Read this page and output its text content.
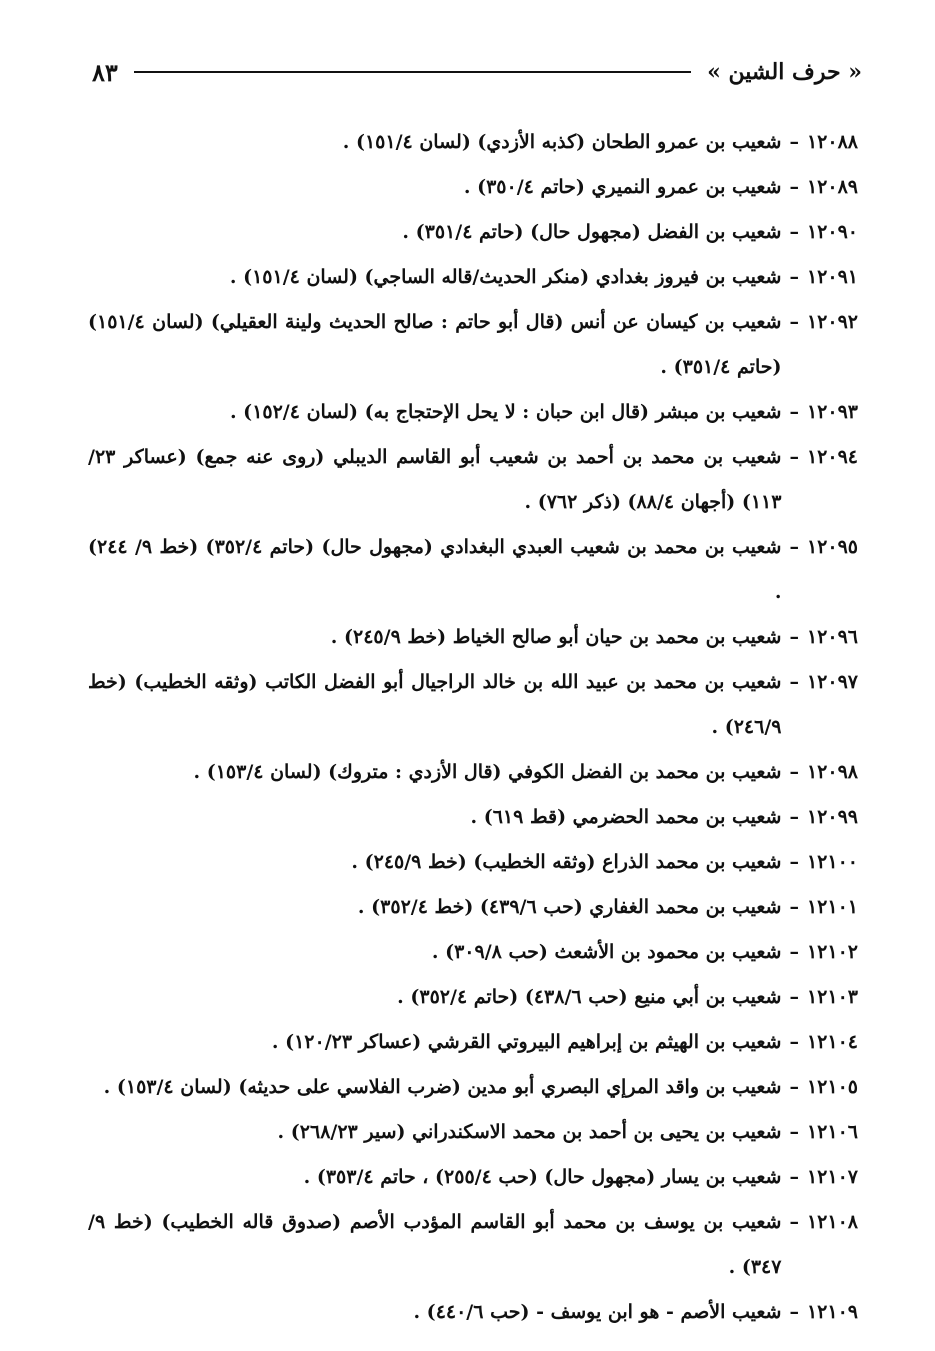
« حرف الشين »
٨٣
١٢٠٨٨
–
شعيب بن عمرو الطحان (كذبه الأزدي) (لسان ١٥١/٤) .
١٢٠٨٩
–
شعيب بن عمرو النميري (حاتم ٣٥٠/٤) .
١٢٠٩٠
–
شعيب بن الفضل (مجهول حال) (حاتم ٣٥١/٤) .
١٢٠٩١
–
شعيب بن فيروز بغدادي (منكر الحديث/قاله الساجي) (لسان ١٥١/٤) .
١٢٠٩٢
–
شعيب بن كيسان عن أنس (قال أبو حاتم : صالح الحديث ولينة العقيلي) (لسان ١٥١/٤) (حاتم ٣٥١/٤) .
١٢٠٩٣
–
شعيب بن مبشر (قال ابن حبان : لا يحل الإحتجاج به) (لسان ١٥٢/٤) .
١٢٠٩٤
–
شعيب بن محمد بن أحمد بن شعيب أبو القاسم الديبلي (روى عنه جمع) (عساكر ٢٣/ ١١٣) (أجهان ٨٨/٤) (ذكر ٧٦٢) .
١٢٠٩٥
–
شعيب بن محمد بن شعيب العبدي البغدادي (مجهول حال) (حاتم ٣٥٢/٤) (خط ٩/ ٢٤٤) .
١٢٠٩٦
–
شعيب بن محمد بن حيان أبو صالح الخياط (خط ٢٤٥/٩) .
١٢٠٩٧
–
شعيب بن محمد بن عبيد الله بن خالد الراجيال أبو الفضل الكاتب (وثقه الخطيب) (خط ٢٤٦/٩) .
١٢٠٩٨
–
شعيب بن محمد بن الفضل الكوفي (قال الأزدي : متروك) (لسان ١٥٣/٤) .
١٢٠٩٩
–
شعيب بن محمد الحضرمي (قط ٦١٩) .
١٢١٠٠
–
شعيب بن محمد الذراع (وثقه الخطيب) (خط ٢٤٥/٩) .
١٢١٠١
–
شعيب بن محمد الغفاري (حب ٤٣٩/٦) (خط ٣٥٢/٤) .
١٢١٠٢
–
شعيب بن محمود بن الأشعث (حب ٣٠٩/٨) .
١٢١٠٣
–
شعيب بن أبي منيع (حب ٤٣٨/٦) (حاتم ٣٥٢/٤) .
١٢١٠٤
–
شعيب بن الهيثم بن إبراهيم البيروتي القرشي (عساكر ١٢٠/٢٣) .
١٢١٠٥
–
شعيب بن واقد المرإي البصري أبو مدين (ضرب الفلاسي على حديثه) (لسان ١٥٣/٤) .
١٢١٠٦
–
شعيب بن يحيى بن أحمد بن محمد الاسكندراني (سير ٢٦٨/٢٣) .
١٢١٠٧
–
شعيب بن يسار (مجهول حال) (حب ٢٥٥/٤) ، حاتم ٣٥٣/٤) .
١٢١٠٨
–
شعيب بن يوسف بن محمد أبو القاسم المؤدب الأصم (صدوق قاله الخطيب) (خط ٩/ ٣٤٧) .
١٢١٠٩
–
شعيب الأصم - هو ابن يوسف - (حب ٤٤٠/٦) .
